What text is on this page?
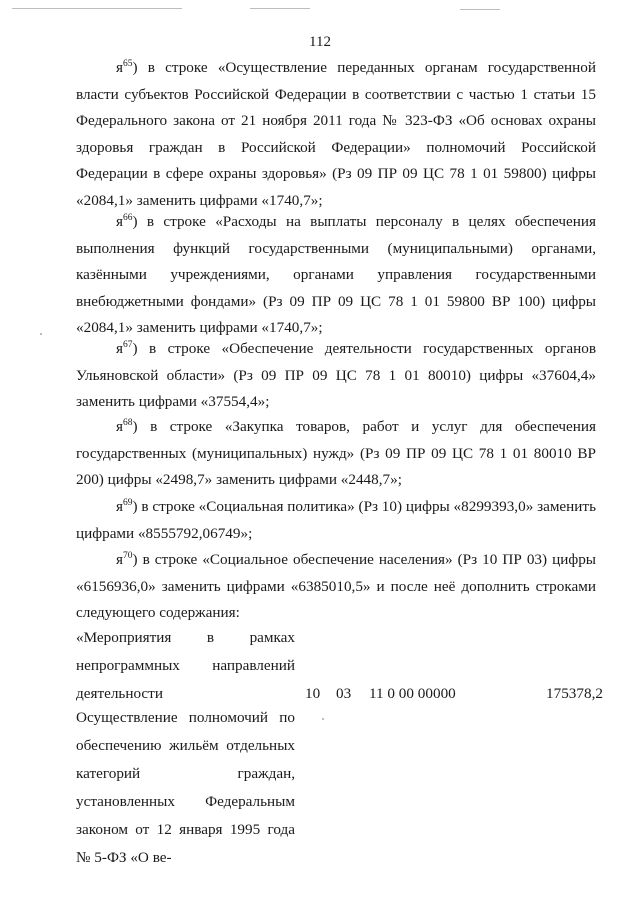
112

$я^{65}$) в строке «Осуществление переданных органам государственной власти субъектов Российской Федерации в соответствии с частью 1 статьи 15 Федерального закона от 21 ноября 2011 года № 323-ФЗ «Об основах охраны здоровья граждан в Российской Федерации» полномочий Российской Федерации в сфере охраны здоровья» (Рз 09 ПР 09 ЦС 78 1 01 59800) цифры «2084,1» заменить цифрами «1740,7»;

$я^{66}$) в строке «Расходы на выплаты персоналу в целях обеспечения выполнения функций государственными (муниципальными) органами, казёнными учреждениями, органами управления государственными внебюджетными фондами» (Рз 09 ПР 09 ЦС 78 1 01 59800 ВР 100) цифры «2084,1» заменить цифрами «1740,7»;

$я^{67}$) в строке «Обеспечение деятельности государственных органов Ульяновской области» (Рз 09 ПР 09 ЦС 78 1 01 80010) цифры «37604,4» заменить цифрами «37554,4»;

$я^{68}$) в строке «Закупка товаров, работ и услуг для обеспечения государственных (муниципальных) нужд» (Рз 09 ПР 09 ЦС 78 1 01 80010 ВР 200) цифры «2498,7» заменить цифрами «2448,7»;

$я^{69}$) в строке «Социальная политика» (Рз 10) цифры «8299393,0» заменить цифрами «8555792,06749»;

$я^{70}$) в строке «Социальное обеспечение населения» (Рз 10 ПР 03) цифры «6156936,0» заменить цифрами «6385010,5» и после неё дополнить строками следующего содержания:

«Мероприятия в рамках непрограммных направлений деятельности	10 03 11 0 00 00000	175378,2

Осуществление полномочий по обеспечению жильём отдельных категорий граждан, установленных Федеральным законом от 12 января 1995 года № 5-ФЗ «О ве-
